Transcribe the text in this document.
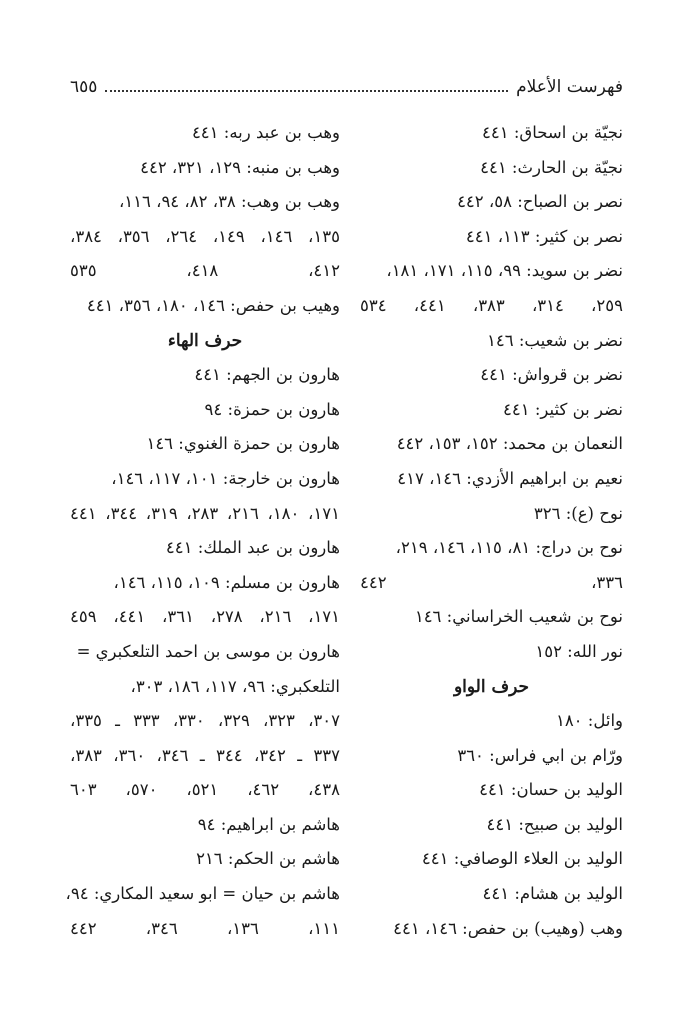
فهرست الأعلام
٦٥٥
نجيّة بن اسحاق: ٤٤١
نجيّة بن الحارث: ٤٤١
نصر بن الصباح: ٥٨، ٤٤٢
نصر بن كثير: ١١٣، ٤٤١
نضر بن سويد: ٩٩، ١١٥، ١٧١، ١٨١،
٢٥٩، ٣١٤، ٣٨٣، ٤٤١، ٥٣٤
نضر بن شعيب: ١٤٦
نضر بن قرواش: ٤٤١
نضر بن كثير: ٤٤١
النعمان بن محمد: ١٥٢، ١٥٣، ٤٤٢
نعيم بن ابراهيم الأزدي: ١٤٦، ٤١٧
نوح (ع): ٣٢٦
نوح بن دراج: ٨١، ١١٥، ١٤٦، ٢١٩،
٣٣٦، ٤٤٢
نوح بن شعيب الخراساني: ١٤٦
نور الله: ١٥٢
حرف الواو
وائل: ١٨٠
ورّام بن ابي فراس: ٣٦٠
الوليد بن حسان: ٤٤١
الوليد بن صبيح: ٤٤١
الوليد بن العلاء الوصافي: ٤٤١
الوليد بن هشام: ٤٤١
وهب (وهيب) بن حفص: ١٤٦، ٤٤١
وهب بن عبد ربه: ٤٤١
وهب بن منبه: ١٢٩، ٣٢١، ٤٤٢
وهب بن وهب: ٣٨، ٨٢، ٩٤، ١١٦،
١٣٥، ١٤٦، ١٤٩، ٢٦٤، ٣٥٦، ٣٨٤،
٤١٢، ٤١٨، ٥٣٥
وهيب بن حفص: ١٤٦، ١٨٠، ٣٥٦، ٤٤١
حرف الهاء
هارون بن الجهم: ٤٤١
هارون بن حمزة: ٩٤
هارون بن حمزة الغنوي: ١٤٦
هارون بن خارجة: ١٠١، ١١٧، ١٤٦،
١٧١، ١٨٠، ٢١٦، ٢٨٣، ٣١٩، ٣٤٤، ٤٤١
هارون بن عبد الملك: ٤٤١
هارون بن مسلم: ١٠٩، ١١٥، ١٤٦،
١٧١، ٢١٦، ٢٧٨، ٣٦١، ٤٤١، ٤٥٩
هارون بن موسى بن احمد التلعكبري =
التلعكبري: ٩٦، ١١٧، ١٨٦، ٣٠٣،
٣٠٧، ٣٢٣، ٣٢٩، ٣٣٠، ٣٣٣ ـ ٣٣٥،
٣٣٧ ـ ٣٤٢، ٣٤٤ ـ ٣٤٦، ٣٦٠، ٣٨٣،
٤٣٨، ٤٦٢، ٥٢١، ٥٧٠، ٦٠٣
هاشم بن ابراهيم: ٩٤
هاشم بن الحكم: ٢١٦
هاشم بن حيان = ابو سعيد المكاري: ٩٤،
١١١، ١٣٦، ٣٤٦، ٤٤٢
